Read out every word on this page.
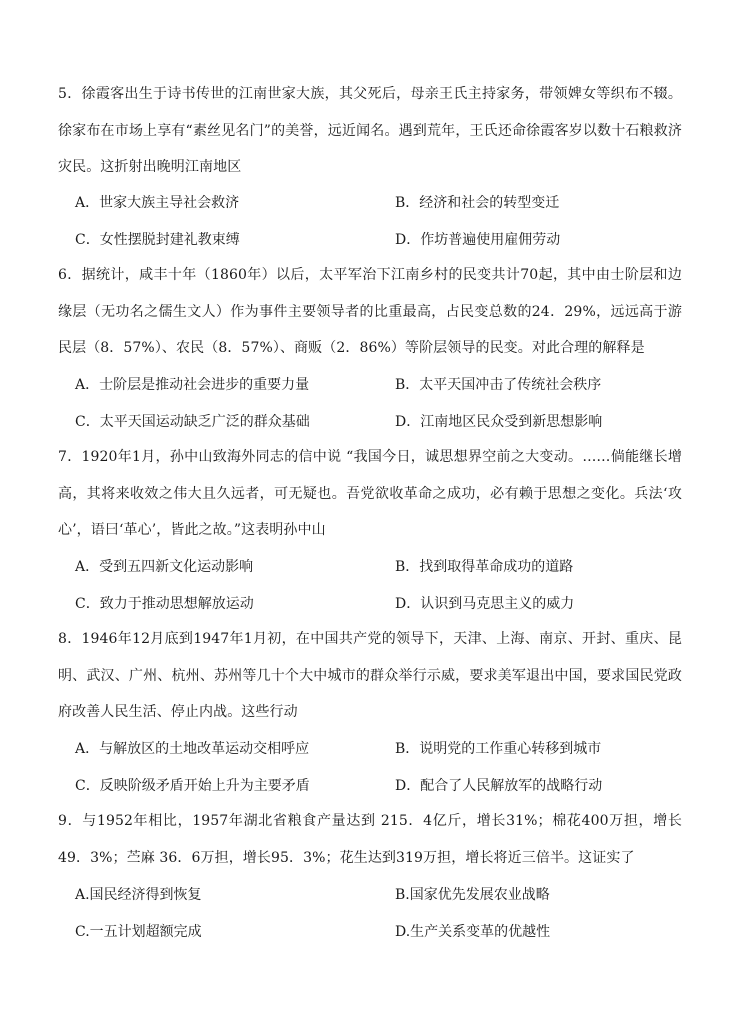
5．徐霞客出生于诗书传世的江南世家大族，其父死后，母亲王氏主持家务，带领婢女等织布不辍。徐家布在市场上享有“素丝见名门”的美誉，远近闻名。遇到荒年，王氏还命徐霞客岁以数十石粮救济灾民。这折射出晚明江南地区
A．世家大族主导社会救济	B．经济和社会的转型变迁
C．女性摆脱封建礼教束缚	D．作坊普遍使用雇佣劳动
6．据统计，咸丰十年（1860年）以后，太平军治下江南乡村的民变共计70起，其中由士阶层和边缘层（无功名之儒生文人）作为事件主要领导者的比重最高，占民变总数的24．29%，远远高于游民层（8．57%）、农民（8．57%）、商贩（2．86%）等阶层领导的民变。对此合理的解释是
A．士阶层是推动社会进步的重要力量	B．太平天国冲击了传统社会秩序
C．太平天国运动缺乏广泛的群众基础	D．江南地区民众受到新思想影响
7．1920年1月，孙中山致海外同志的信中说 “我国今日，诚思想界空前之大变动。……倘能继长增高，其将来收效之伟大且久远者，可无疑也。吾党欲收革命之成功，必有赖于思想之变化。兵法‘攻心’，语曰‘革心’，皆此之故。”这表明孙中山
A．受到五四新文化运动影响	B．找到取得革命成功的道路
C．致力于推动思想解放运动	D．认识到马克思主义的威力
8．1946年12月底到1947年1月初，在中国共产党的领导下，天津、上海、南京、开封、重庆、昆明、武汉、广州、杭州、苏州等几十个大中城市的群众举行示威，要求美军退出中国，要求国民党政府改善人民生活、停止内战。这些行动
A．与解放区的土地改革运动交相呼应	B．说明党的工作重心转移到城市
C．反映阶级矛盾开始上升为主要矛盾	D．配合了人民解放军的战略行动
9．与1952年相比，1957年湖北省粮食产量达到 215．4亿斤，增长31%；棉花400万担，增长49．3%；苎麻 36．6万担，增长95．3%；花生达到319万担，增长将近三倍半。这证实了
A.国民经济得到恢复	B.国家优先发展农业战略
C.一五计划超额完成	D.生产关系变革的优越性
